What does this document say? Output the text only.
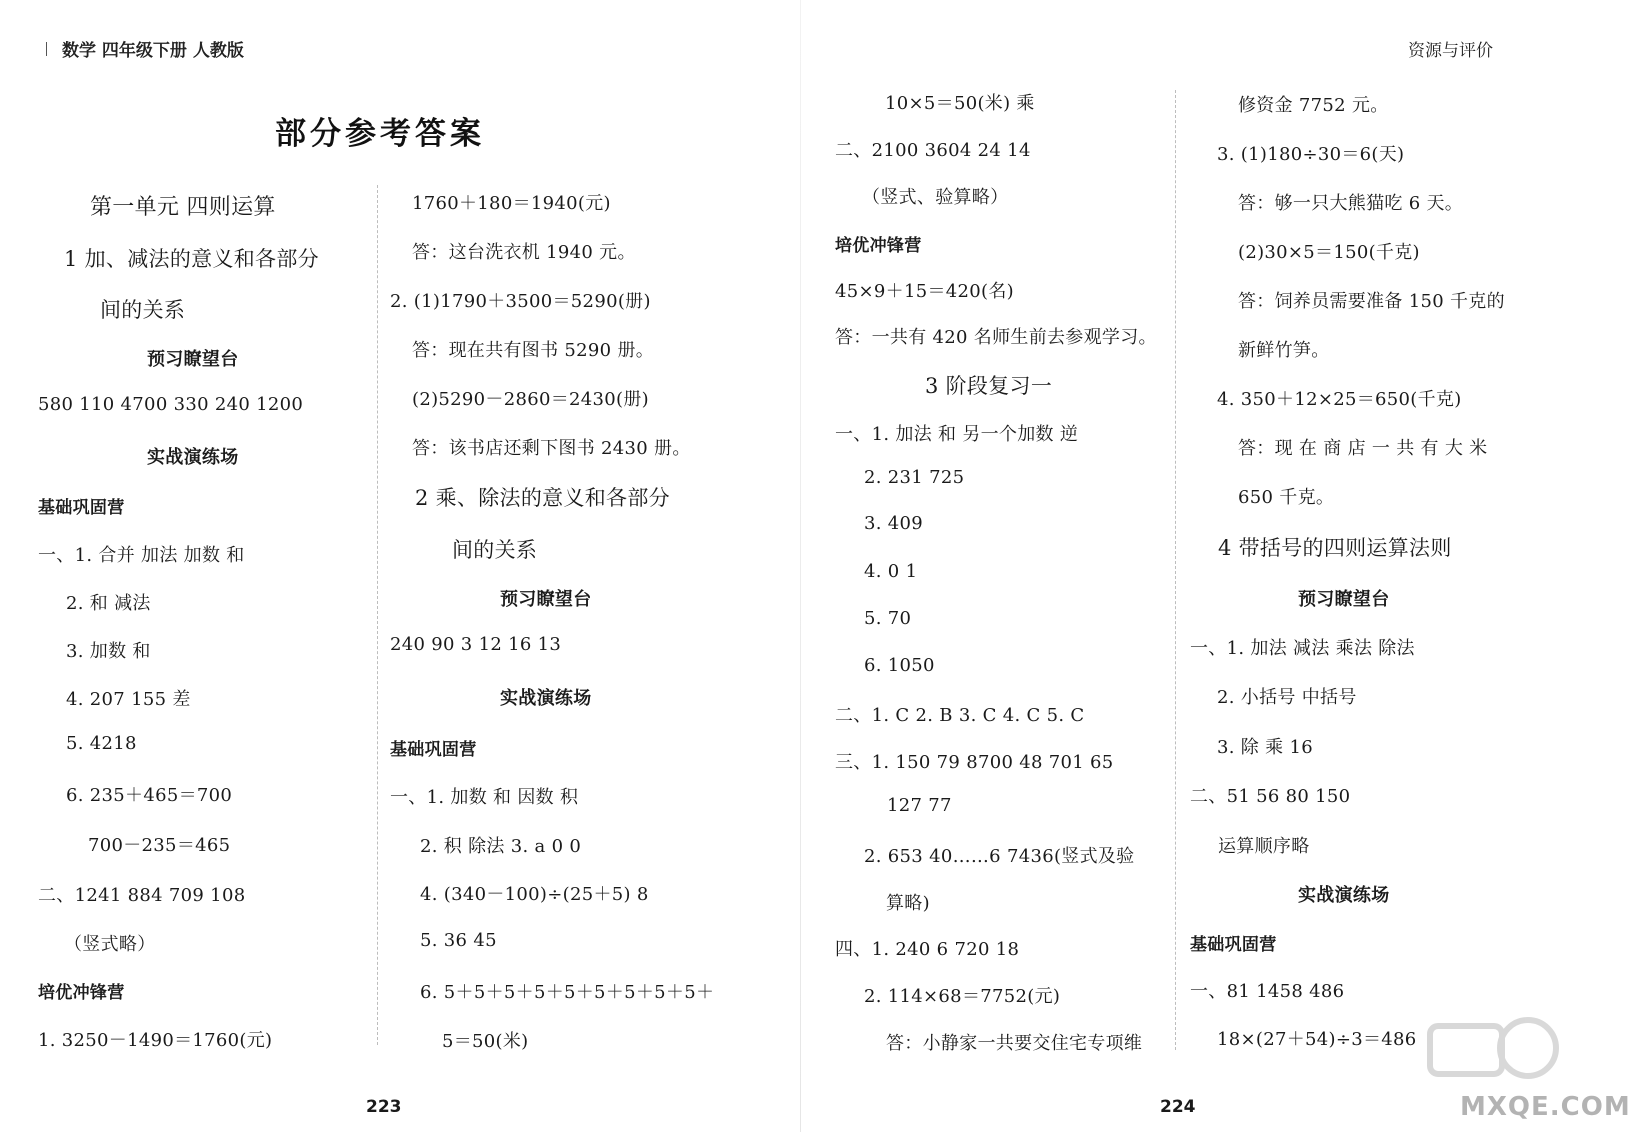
数学 四年级下册 人教版	资源与评价
部分参考答案
第一单元 四则运算
1 加、减法的意义和各部分
间的关系
预习瞭望台
580 110 4700 330 240 1200
实战演练场
基础巩固营
一、1. 合并 加法 加数 和
2. 和 减法
3. 加数 和
4. 207 155 差
5. 4218
6. 235＋465＝700
700－235＝465
二、1241 884 709 108
（竖式略）
培优冲锋营
1. 3250－1490＝1760(元)
1760＋180＝1940(元)
答：这台洗衣机 1940 元。
2. (1)1790＋3500＝5290(册)
答：现在共有图书 5290 册。
(2)5290－2860＝2430(册)
答：该书店还剩下图书 2430 册。
2 乘、除法的意义和各部分
间的关系
预习瞭望台
240 90 3 12 16 13
实战演练场
基础巩固营
一、1. 加数 和 因数 积
2. 积 除法 3. a 0 0
4. (340－100)÷(25＋5) 8
5. 36 45
6. 5＋5＋5＋5＋5＋5＋5＋5＋5＋
5＝50(米)
10×5＝50(米) 乘
二、2100 3604 24 14
（竖式、验算略）
培优冲锋营
45×9＋15＝420(名)
答：一共有 420 名师生前去参观学习。
3 阶段复习一
一、1. 加法 和 另一个加数 逆
2. 231 725
3. 409
4. 0 1
5. 70
6. 1050
二、1. C 2. B 3. C 4. C 5. C
三、1. 150 79 8700 48 701 65
127 77
2. 653 40……6 7436(竖式及验
算略)
四、1. 240 6 720 18
2. 114×68＝7752(元)
答：小静家一共要交住宅专项维
修资金 7752 元。
3. (1)180÷30＝6(天)
答：够一只大熊猫吃 6 天。
(2)30×5＝150(千克)
答：饲养员需要准备 150 千克的
新鲜竹笋。
4. 350＋12×25＝650(千克)
答：现 在 商 店 一 共 有 大 米
650 千克。
4 带括号的四则运算法则
预习瞭望台
一、1. 加法 减法 乘法 除法
2. 小括号 中括号
3. 除 乘 16
二、51 56 80 150
运算顺序略
实战演练场
基础巩固营
一、81 1458 486
18×(27＋54)÷3＝486
223	224	MXQE.COM
